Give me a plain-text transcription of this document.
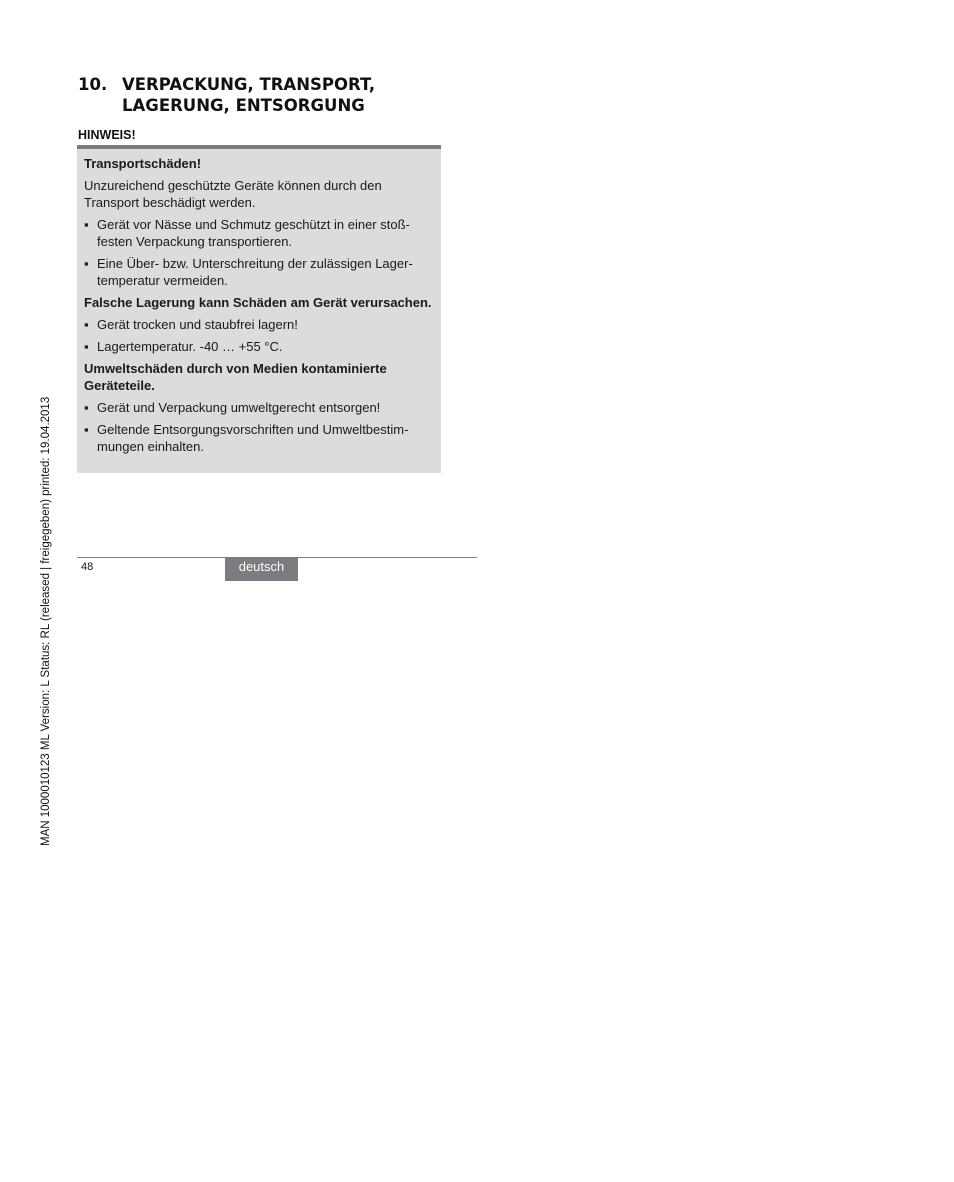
10. VERPACKUNG, TRANSPORT,
LAGERUNG, ENTSORGUNG
HINWEIS!

Transportschäden!

Unzureichend geschützte Geräte können durch den Transport beschädigt werden.

▪ Gerät vor Nässe und Schmutz geschützt in einer stoß-festen Verpackung transportieren.
▪ Eine Über- bzw. Unterschreitung der zulässigen Lager-temperatur vermeiden.

Falsche Lagerung kann Schäden am Gerät verursachen.

▪ Gerät trocken und staubfrei lagern!
▪ Lagertemperatur. -40 … +55 °C.

Umweltschäden durch von Medien kontaminierte Geräteteile.

▪ Gerät und Verpackung umweltgerecht entsorgen!
▪ Geltende Entsorgungsvorschriften und Umweltbestim-mungen einhalten.
MAN 1000010123 ML Version: L Status: RL (released | freigegeben) printed: 19.04.2013	48	deutsch
